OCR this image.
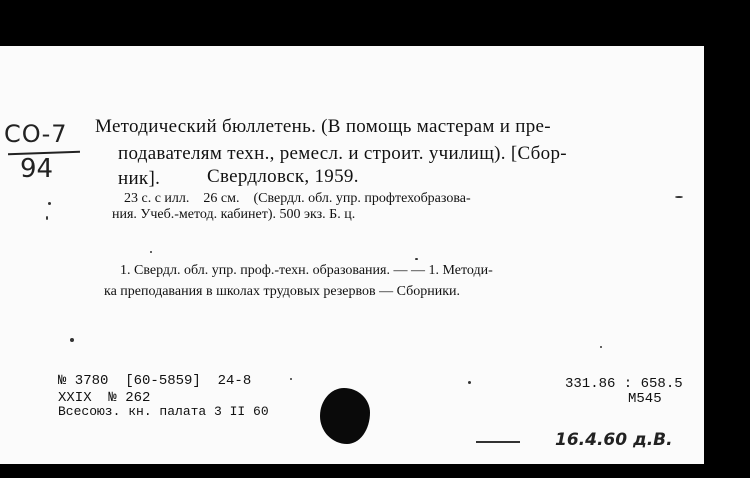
СО-7
94
Методический бюллетень. (В помощь мастерам и пре-
подавателям техн., ремесл. и строит. училищ). [Сбор-
ник]. Свердловск, 1959.
23 с. с илл.    26 см.    (Свердл. обл. упр. профтехобразова-
ния. Учеб.-метод. кабинет). 500 экз. Б. ц.
1. Свердл. обл. упр. проф.-техн. образования. — — 1. Методи-
ка преподавания в школах трудовых резервов — Сборники.
№ 3780  [60-5859]  24-8
XXIX  № 262
Всесоюз. кн. палата 3 II 60
331.86 : 658.5
М545
16.4.60 д.В.
